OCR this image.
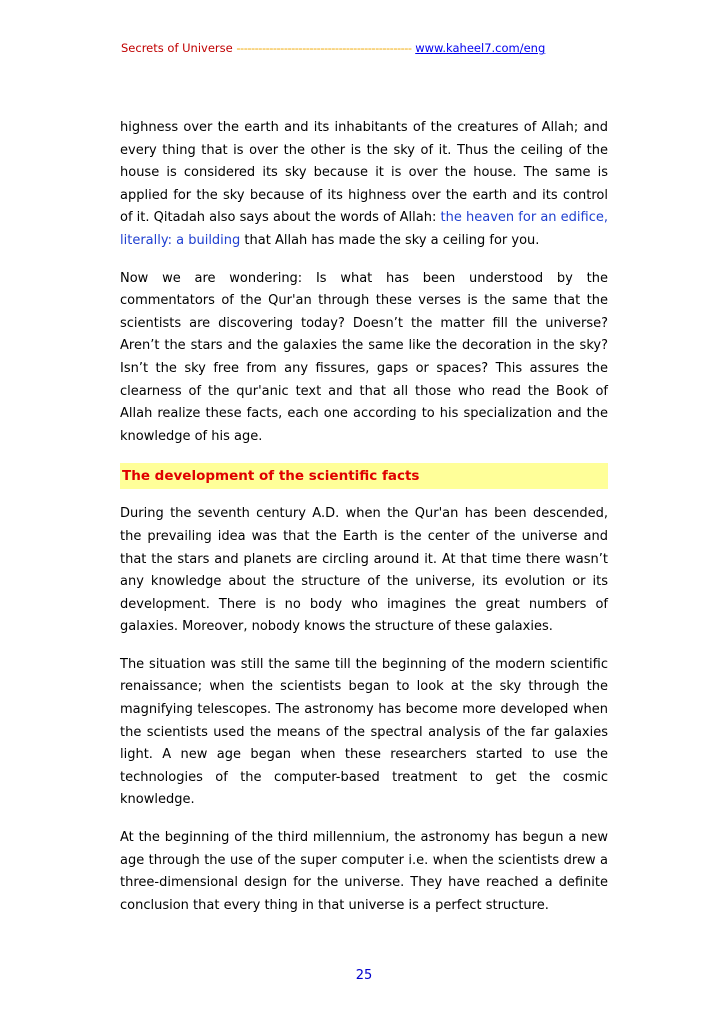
Secrets of Universe ------------------------------------------------ www.kaheel7.com/eng

highness over the earth and its inhabitants of the creatures of Allah; and every thing that is over the other is the sky of it. Thus the ceiling of the house is considered its sky because it is over the house. The same is applied for the sky because of its highness over the earth and its control of it. Qitadah also says about the words of Allah: the heaven for an edifice, literally: a building that Allah has made the sky a ceiling for you.

Now we are wondering: Is what has been understood by the commentators of the Qur'an through these verses is the same that the scientists are discovering today? Doesn’t the matter fill the universe? Aren’t the stars and the galaxies the same like the decoration in the sky? Isn’t the sky free from any fissures, gaps or spaces? This assures the clearness of the qur'anic text and that all those who read the Book of Allah realize these facts, each one according to his specialization and the knowledge of his age.

The development of the scientific facts

During the seventh century A.D. when the Qur'an has been descended, the prevailing idea was that the Earth is the center of the universe and that the stars and planets are circling around it. At that time there wasn’t any knowledge about the structure of the universe, its evolution or its development. There is no body who imagines the great numbers of galaxies. Moreover, nobody knows the structure of these galaxies.

The situation was still the same till the beginning of the modern scientific renaissance; when the scientists began to look at the sky through the magnifying telescopes. The astronomy has become more developed when the scientists used the means of the spectral analysis of the far galaxies light. A new age began when these researchers started to use the technologies of the computer-based treatment to get the cosmic knowledge.

At the beginning of the third millennium, the astronomy has begun a new age through the use of the super computer i.e. when the scientists drew a three-dimensional design for the universe. They have reached a definite conclusion that every thing in that universe is a perfect structure.

25
